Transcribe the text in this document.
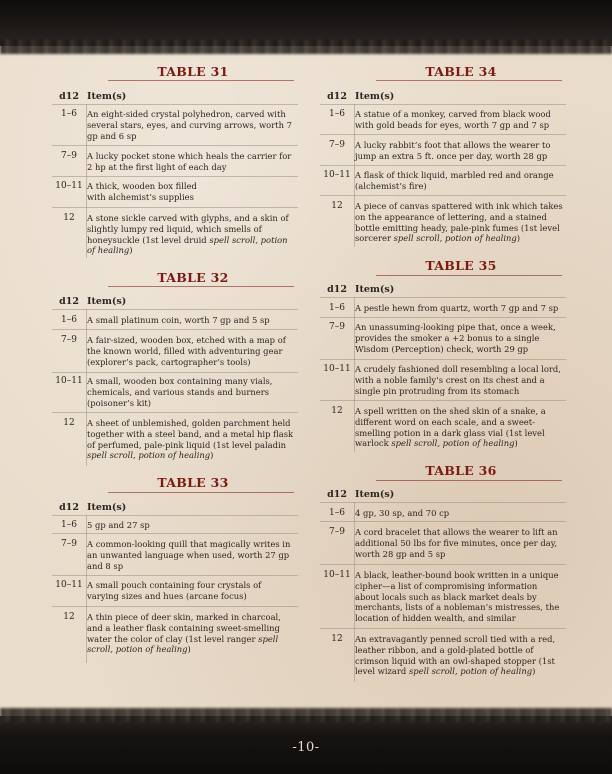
TABLE 31
d12 Item(s)
1–6	An eight-sided crystal polyhedron, carved with several stars, eyes, and curving arrows, worth 7 gp and 6 sp
7–9	A lucky pocket stone which heals the carrier for 2 hp at the first light of each day
10–11 A thick, wooden box filled with alchemist’s supplies
12	A stone sickle carved with glyphs, and a skin of slightly lumpy red liquid, which smells of honeysuckle (1st level druid spell scroll, potion of healing)
TABLE 32
d12 Item(s)
1–6	A small platinum coin, worth 7 gp and 5 sp
7–9	A fair-sized, wooden box, etched with a map of the known world, filled with adventuring gear (explorer’s pack, cartographer’s tools)
10–11 A small, wooden box containing many vials, chemicals, and various stands and burners (poisoner’s kit)
12	A sheet of unblemished, golden parchment held together with a steel band, and a metal hip flask of perfumed, pale-pink liquid (1st level paladin spell scroll, potion of healing)
TABLE 33
d12 Item(s)
1–6	5 gp and 27 sp
7–9	A common-looking quill that magically writes in an unwanted language when used, worth 27 gp and 8 sp
10–11 A small pouch containing four crystals of varying sizes and hues (arcane focus)
12	A thin piece of deer skin, marked in charcoal, and a leather flask containing sweet-smelling water the color of clay (1st level ranger spell scroll, potion of healing)
TABLE 34
d12 Item(s)
1–6	A statue of a monkey, carved from black wood with gold beads for eyes, worth 7 gp and 7 sp
7–9	A lucky rabbit’s foot that allows the wearer to jump an extra 5 ft. once per day, worth 28 gp
10–11 A flask of thick liquid, marbled red and orange (alchemist’s fire)
12	A piece of canvas spattered with ink which takes on the appearance of lettering, and a stained bottle emitting heady, pale-pink fumes (1st level sorcerer spell scroll, potion of healing)
TABLE 35
d12 Item(s)
1–6	A pestle hewn from quartz, worth 7 gp and 7 sp
7–9	An unassuming-looking pipe that, once a week, provides the smoker a +2 bonus to a single Wisdom (Perception) check, worth 29 gp
10–11 A crudely fashioned doll resembling a local lord, with a noble family’s crest on its chest and a single pin protruding from its stomach
12	A spell written on the shed skin of a snake, a different word on each scale, and a sweet-smelling potion in a dark glass vial (1st level warlock spell scroll, potion of healing)
TABLE 36
d12 Item(s)
1–6	4 gp, 30 sp, and 70 cp
7–9	A cord bracelet that allows the wearer to lift an additional 50 lbs for five minutes, once per day, worth 28 gp and 5 sp
10–11 A black, leather-bound book written in a unique cipher—a list of compromising information about locals such as black market deals by merchants, lists of a nobleman’s mistresses, the location of hidden wealth, and similar
12	An extravagantly penned scroll tied with a red, leather ribbon, and a gold-plated bottle of crimson liquid with an owl-shaped stopper (1st level wizard spell scroll, potion of healing)
-10-
